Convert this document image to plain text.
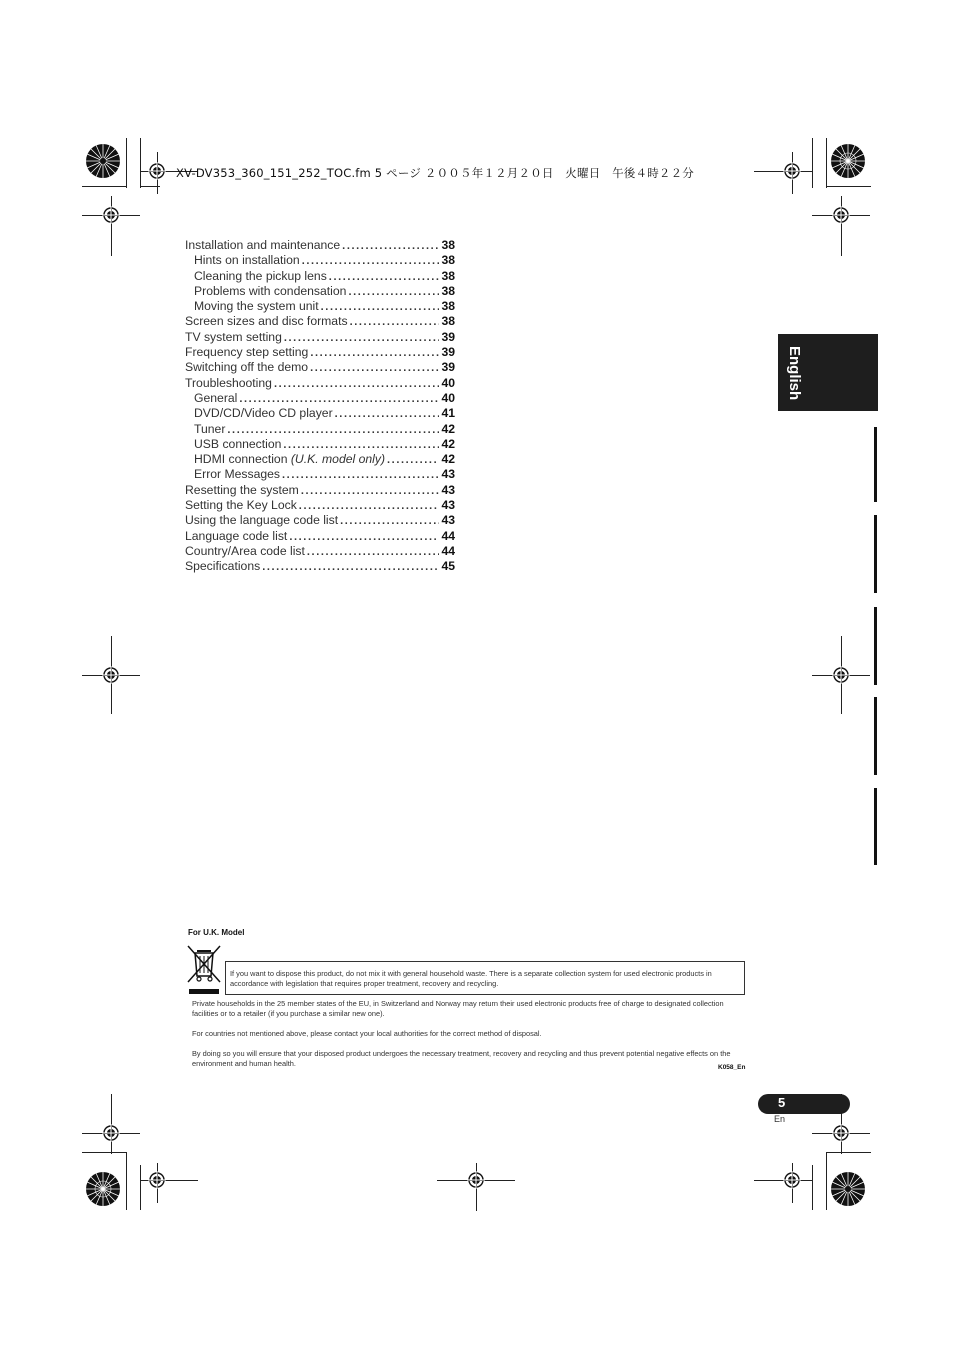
XV-DV353_360_151_252_TOC.fm 5 ページ ２００５年１２月２０日　火曜日　午後４時２２分
Installation and maintenance .....	38
Hints on installation .....	38
Cleaning the pickup lens .....	38
Problems with condensation .....	38
Moving the system unit .....	38
Screen sizes and disc formats .....	38
TV system setting .....	39
Frequency step setting .....	39
Switching off the demo .....	39
Troubleshooting .....	40
General .....	40
DVD/CD/Video CD player .....	41
Tuner .....	42
USB connection .....	42
HDMI connection (U.K. model only) .....	42
Error Messages .....	43
Resetting the system .....	43
Setting the Key Lock .....	43
Using the language code list .....	43
Language code list .....	44
Country/Area code list .....	44
Specifications .....	45
English
For U.K. Model
If you want to dispose this product, do not mix it with general household waste. There is a separate collection system for used electronic products in accordance with legislation that requires proper treatment, recovery and recycling.
Private households in the 25 member states of the EU, in Switzerland and Norway may return their used electronic products free of charge to designated collection facilities or to a retailer (if you purchase a similar new one).
For countries not mentioned above, please contact your local authorities for the correct method of disposal.
By doing so you will ensure that your disposed product undergoes the necessary treatment, recovery and recycling and thus prevent potential negative effects on the environment and human health.	K058_En
5
En
